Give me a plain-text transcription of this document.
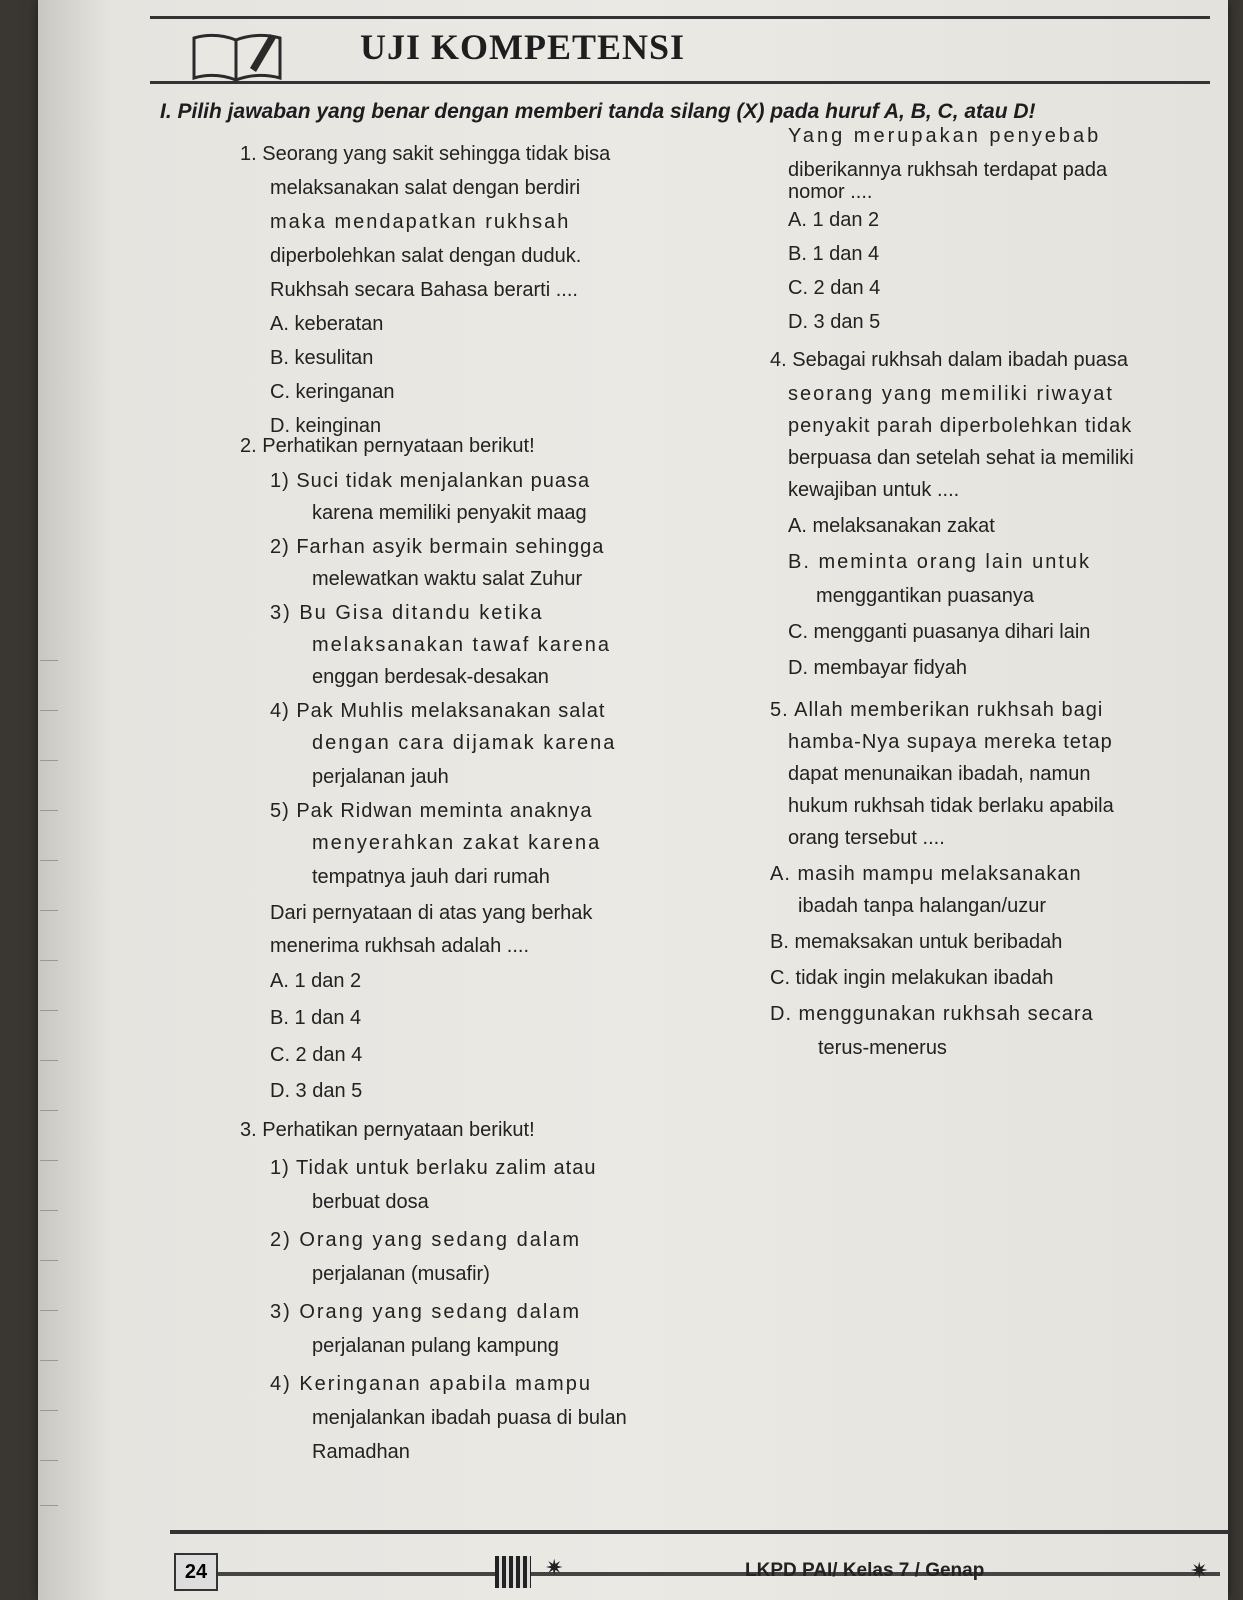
UJI KOMPETENSI
I. Pilih jawaban yang benar dengan memberi tanda silang (X) pada huruf A, B, C, atau D!
1. Seorang yang sakit sehingga tidak bisa
melaksanakan salat dengan berdiri
maka mendapatkan rukhsah
diperbolehkan salat dengan duduk.
Rukhsah secara Bahasa berarti ....
A. keberatan
B. kesulitan
C. keringanan
D. keinginan
2. Perhatikan pernyataan berikut!
1) Suci tidak menjalankan puasa
karena memiliki penyakit maag
2) Farhan asyik bermain sehingga
melewatkan waktu salat Zuhur
3) Bu Gisa ditandu ketika
melaksanakan tawaf karena
enggan berdesak-desakan
4) Pak Muhlis melaksanakan salat
dengan cara dijamak karena
perjalanan jauh
5) Pak Ridwan meminta anaknya
menyerahkan zakat karena
tempatnya jauh dari rumah
Dari pernyataan di atas yang berhak
menerima rukhsah adalah ....
A. 1 dan 2
B. 1 dan 4
C. 2 dan 4
D. 3 dan 5
3. Perhatikan pernyataan berikut!
1) Tidak untuk berlaku zalim atau
berbuat dosa
2) Orang yang sedang dalam
perjalanan (musafir)
3) Orang yang sedang dalam
perjalanan pulang kampung
4) Keringanan apabila mampu
menjalankan ibadah puasa di bulan
Ramadhan
Yang merupakan penyebab
diberikannya rukhsah terdapat pada
nomor ....
A. 1 dan 2
B. 1 dan 4
C. 2 dan 4
D. 3 dan 5
4. Sebagai rukhsah dalam ibadah puasa
seorang yang memiliki riwayat
penyakit parah diperbolehkan tidak
berpuasa dan setelah sehat ia memiliki
kewajiban untuk ....
A. melaksanakan zakat
B. meminta orang lain untuk
menggantikan puasanya
C. mengganti puasanya dihari lain
D. membayar fidyah
5. Allah memberikan rukhsah bagi
hamba-Nya supaya mereka tetap
dapat menunaikan ibadah, namun
hukum rukhsah tidak berlaku apabila
orang tersebut ....
A. masih mampu melaksanakan
ibadah tanpa halangan/uzur
B. memaksakan untuk beribadah
C. tidak ingin melakukan ibadah
D. menggunakan rukhsah secara
terus-menerus
24	✷	LKPD PAI/ Kelas 7 / Genap	✷
